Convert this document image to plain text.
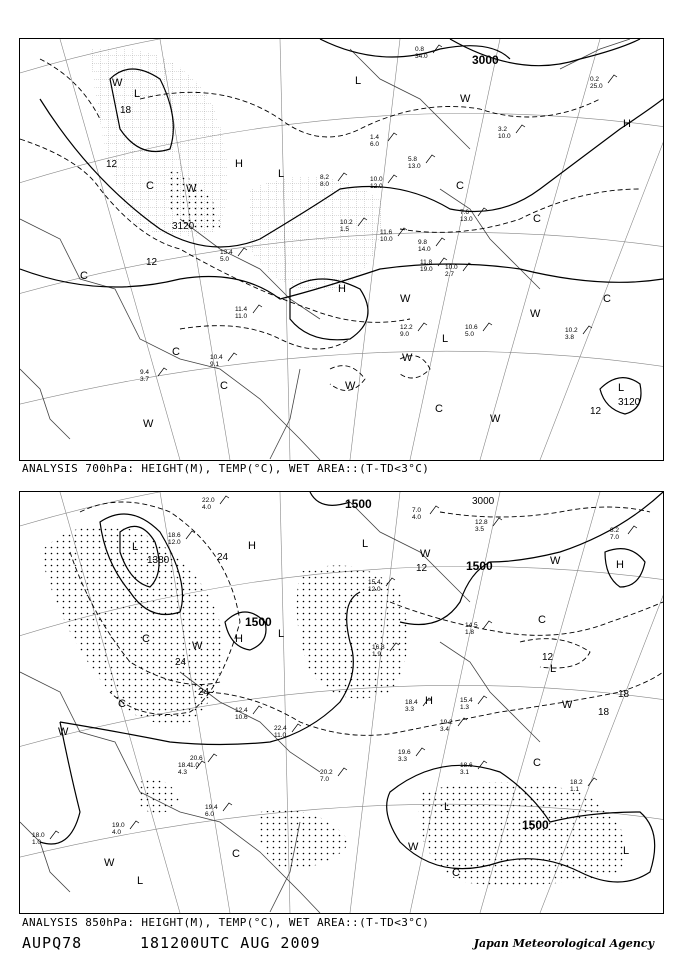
3000
3120
12
18
12
12
3120
L
H
L
H
H
L
L
L
W
W
W
W
W
W
W	W
W
C
C
C
C
C
C
C
C
0.8
34.0
3.2
10.0
1.4
6.0
5.8
13.0
10.0
12.0
8.2
8.0
11.6
10.0
10.2
1.5
9.8
14.0
10.0
2.7
11.8
19.0
7.6
13.0
10.6
5.0
10.2
3.8
12.2
9.0
11.4
11.0
13.4
5.0
10.4
9.1
9.4
3.7
0.2
25.0
ANALYSIS 700hPa: HEIGHT(M), TEMP(°C), WET AREA::(T-TD<3°C)
1500
1500
1500
1500
1380	24
24
24
12
18
12
18
3000
L	H
H	L
L
H
H
L
L
L
L
W
W
W
W
W
W
W
C
C
C
C
C
C
7.0
4.0
12.8
3.5	8.2
7.0
22.0
4.0
18.6
12.0
16.8
1.9
15.4
12.0
19.6
3.3
20.2
7.0
22.4
11.0
18.4
3.3
19.2
3.4
18.6
3.1
18.2
1.1
19.4
6.0
19.0
4.0
18.0
1.0
18.4
4.3
12.4
10.6
15.4
1.3
14.5
1.8
20.6
1.0
ANALYSIS 850hPa: HEIGHT(M), TEMP(°C), WET AREA::(T-TD<3°C)
AUPQ78	181200UTC AUG 2009	Japan Meteorological Agency
